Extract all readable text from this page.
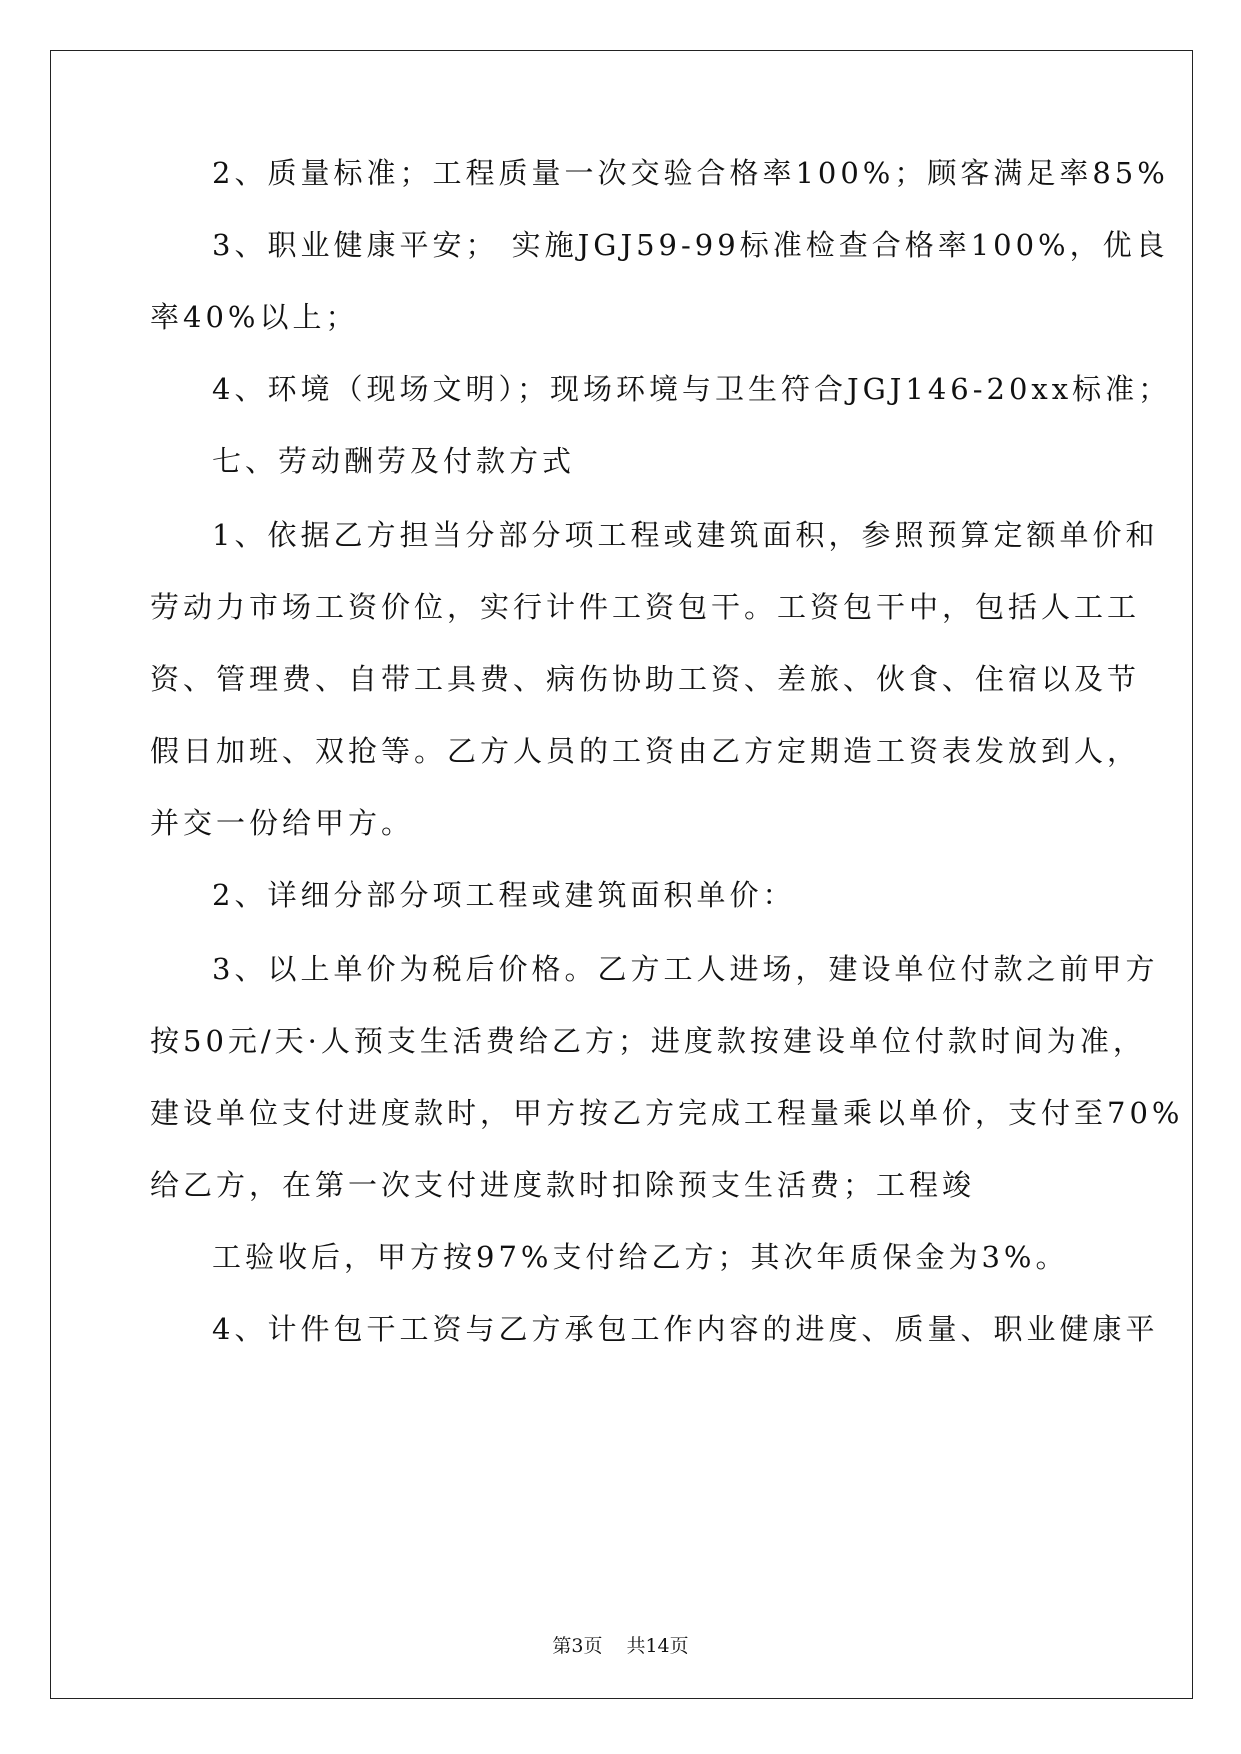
2、质量标准；工程质量一次交验合格率100%；顾客满足率85%

3、职业健康平安； 实施JGJ59-99标准检查合格率100%，优良

率40%以上；

4、环境（现场文明）；现场环境与卫生符合JGJ146-20xx标准；

七、劳动酬劳及付款方式

1、依据乙方担当分部分项工程或建筑面积，参照预算定额单价和

劳动力市场工资价位，实行计件工资包干。工资包干中，包括人工工

资、管理费、自带工具费、病伤协助工资、差旅、伙食、住宿以及节

假日加班、双抢等。乙方人员的工资由乙方定期造工资表发放到人，

并交一份给甲方。

2、详细分部分项工程或建筑面积单价：

3、以上单价为税后价格。乙方工人进场，建设单位付款之前甲方

按50元/天·人预支生活费给乙方；进度款按建设单位付款时间为准，

建设单位支付进度款时，甲方按乙方完成工程量乘以单价，支付至70%

给乙方，在第一次支付进度款时扣除预支生活费；工程竣

工验收后，甲方按97%支付给乙方；其次年质保金为3%。

4、计件包干工资与乙方承包工作内容的进度、质量、职业健康平

第3页 共14页
